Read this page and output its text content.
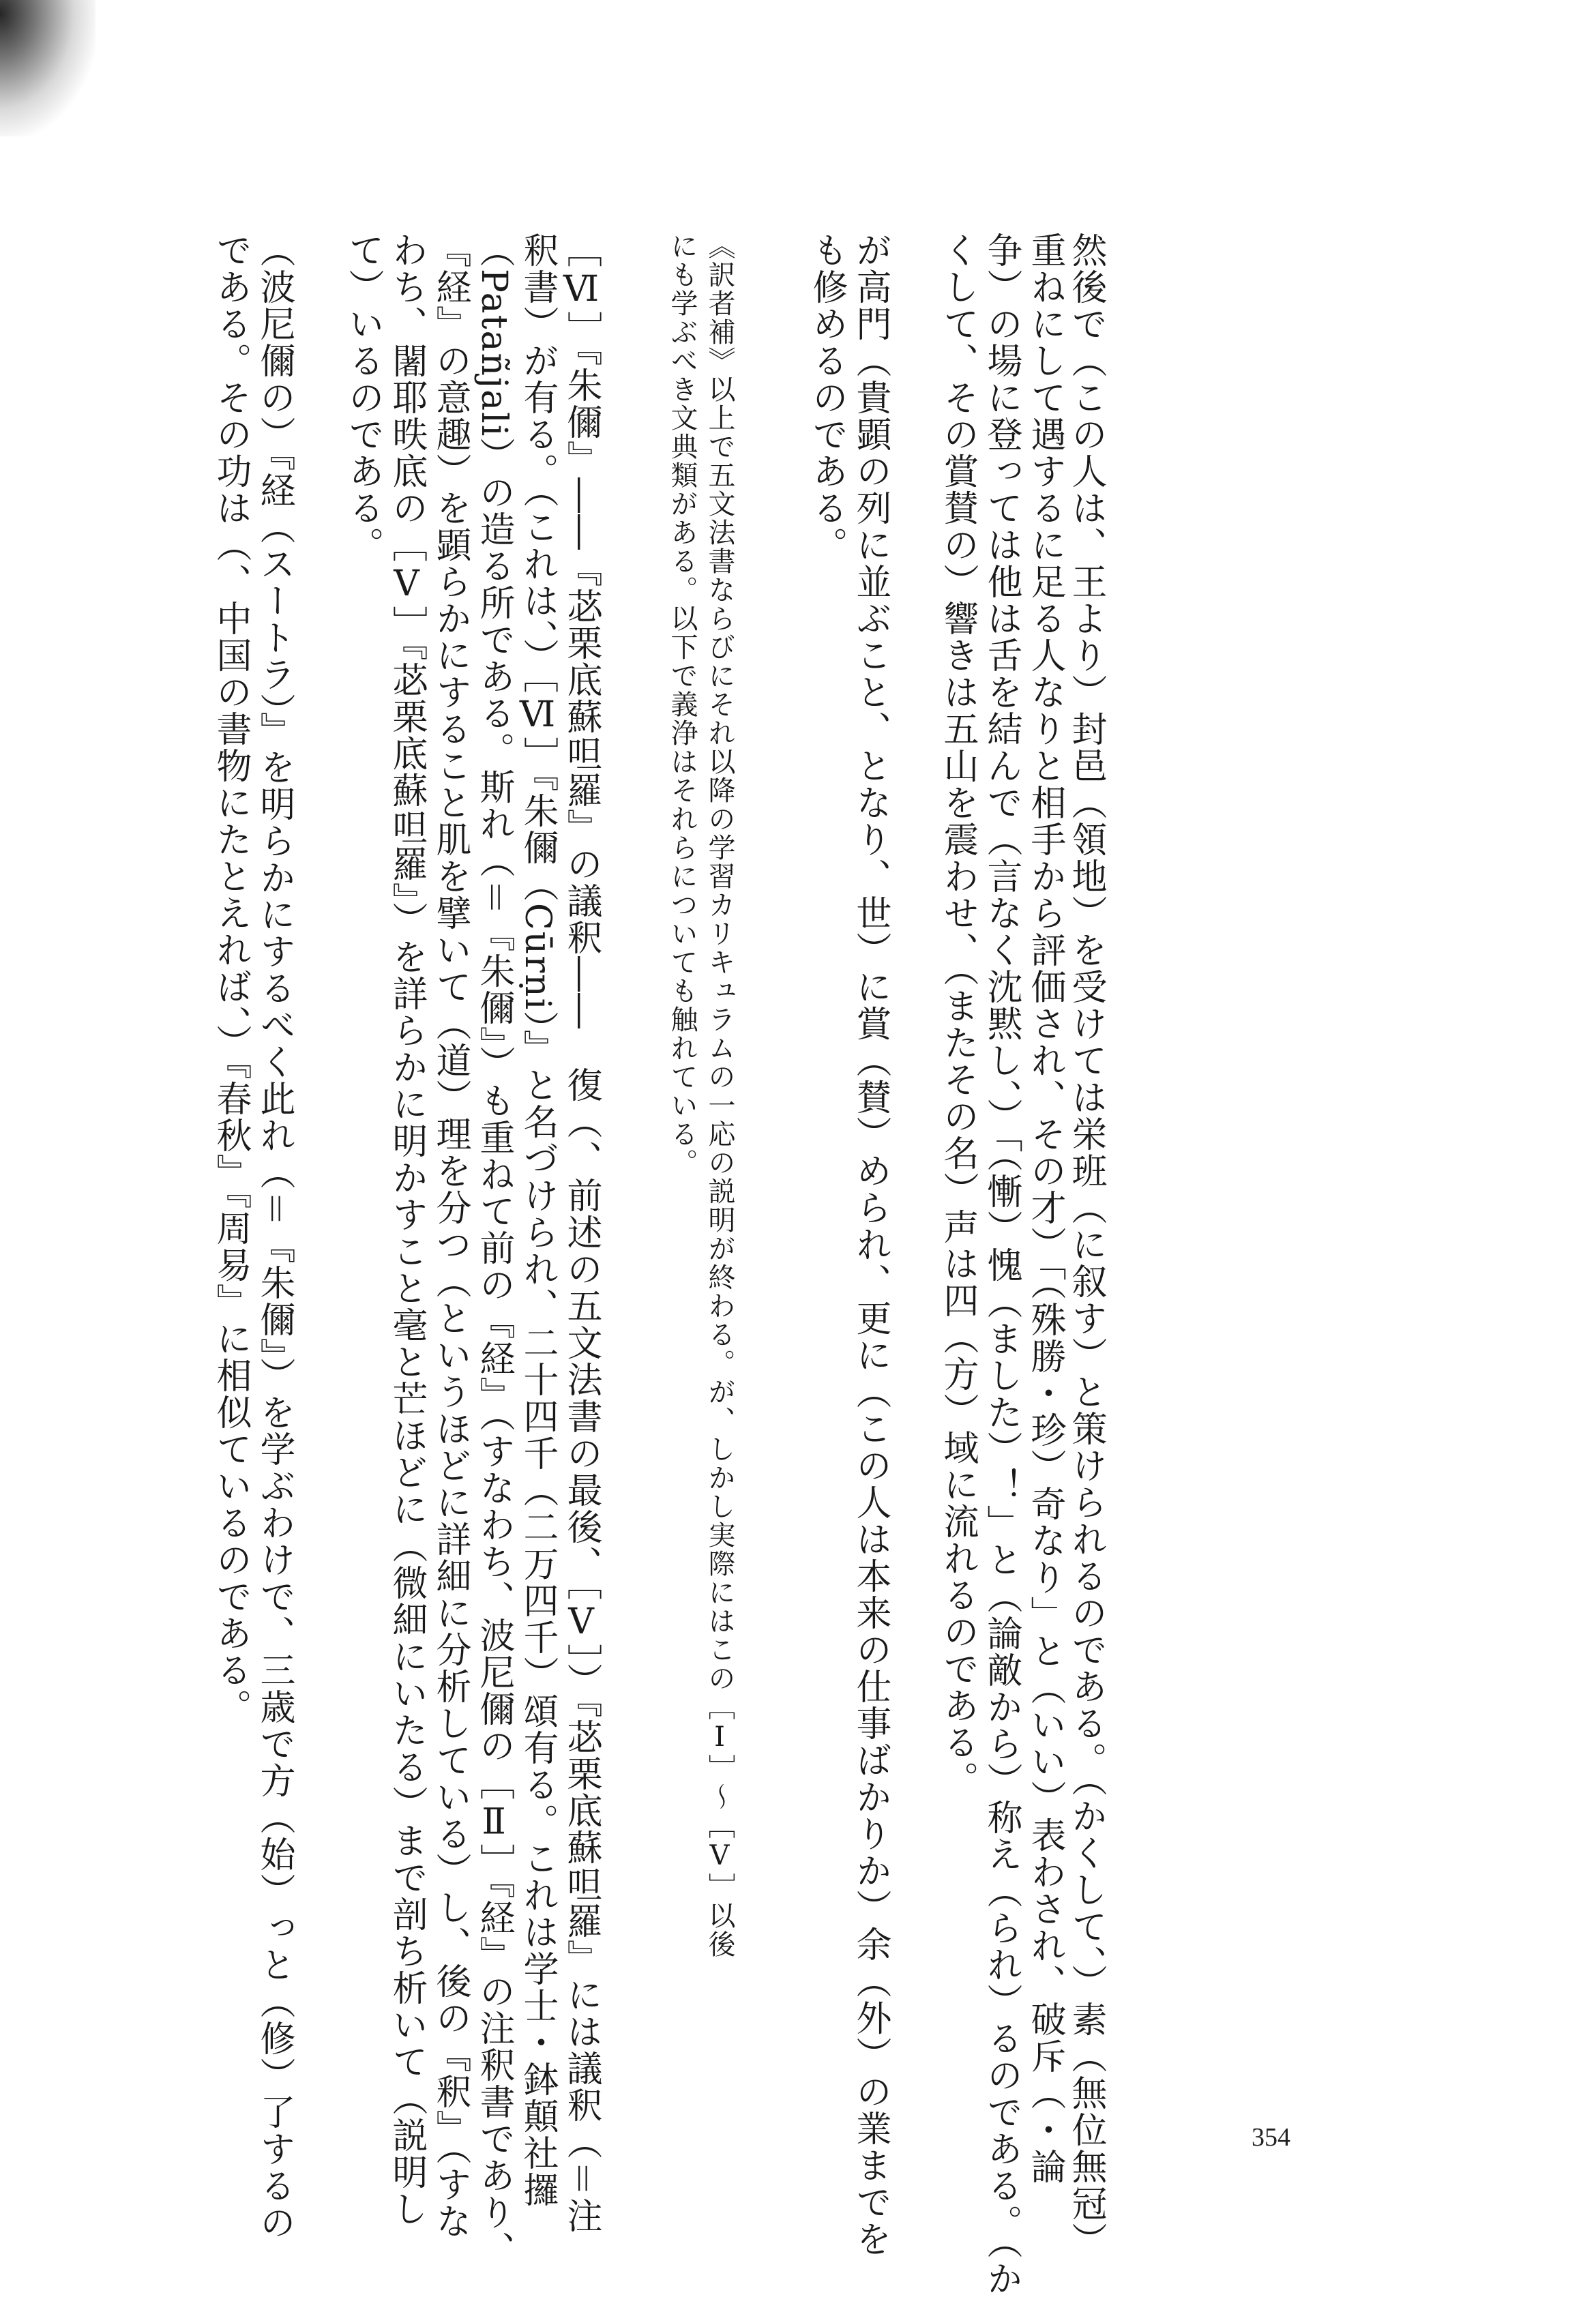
重ねにして遇するに足る人なりと相手から評価され、その才）「（殊勝・珍）奇なり」と（いい）表わされ、破斥（・論
争）の場に登っては他は舌を結んで（言なく沈黙し、）「（慚）愧（ました）！」と（論敵から）称え（られ）るのである。（か
くして、その賞賛の）響きは五山を震わせ、（またその名）声は四（方）域に流れるのである。 然後で（この人は、王より）封邑（領地）を受けては栄班（に叙す）と策けられるのである。（かくして、）素（無位無冠）
が高門（貴顕の列に並ぶこと、となり、世）に賞（賛）められ、更に（この人は本来の仕事ばかりか）余（外）の業までを
も修めるのである。
《訳者補》以上で五文法書ならびにそれ以降の学習カリキュラムの一応の説明が終わる。が、しかし実際にはこの［Ⅰ］～［Ⅴ］以後
にも学ぶべき文典類がある。以下で義浄はそれらについても触れている。
［Ⅵ］『朱儞』――『苾栗底蘇呾羅』の議釈――　復（、前述の五文法書の最後、［Ⅴ］）『苾栗底蘇呾羅』には議釈（＝注
釈書）が有る。（これは、）［Ⅵ］『朱儞（Cūrṇi）』と名づけられ、二十四千（二万四千）頌有る。これは学士・鉢顛社攞
（Patañjali）の造る所である。斯れ（＝『朱儞』）も重ねて前の『経』（すなわち、波尼儞の［Ⅱ］『経』の注釈書であり、
『経』の意趣）を顕らかにすること肌を擘いて（道）理を分つ（というほどに詳細に分析している）し、後の『釈』（すな
わち、闍耶昳底の［Ⅴ］『苾栗底蘇呾羅』）を詳らかに明かすこと毫と芒ほどに（微細にいたる）まで剖ち析いて（説明し
て）いるのである。
（波尼儞の）『経（スートラ）』を明らかにするべく此れ（＝『朱儞』）を学ぶわけで、三歳で方（始）っと（修）了するの
である。その功は（、中国の書物にたとえれば、）『春秋』『周易』に相似ているのである。
354
